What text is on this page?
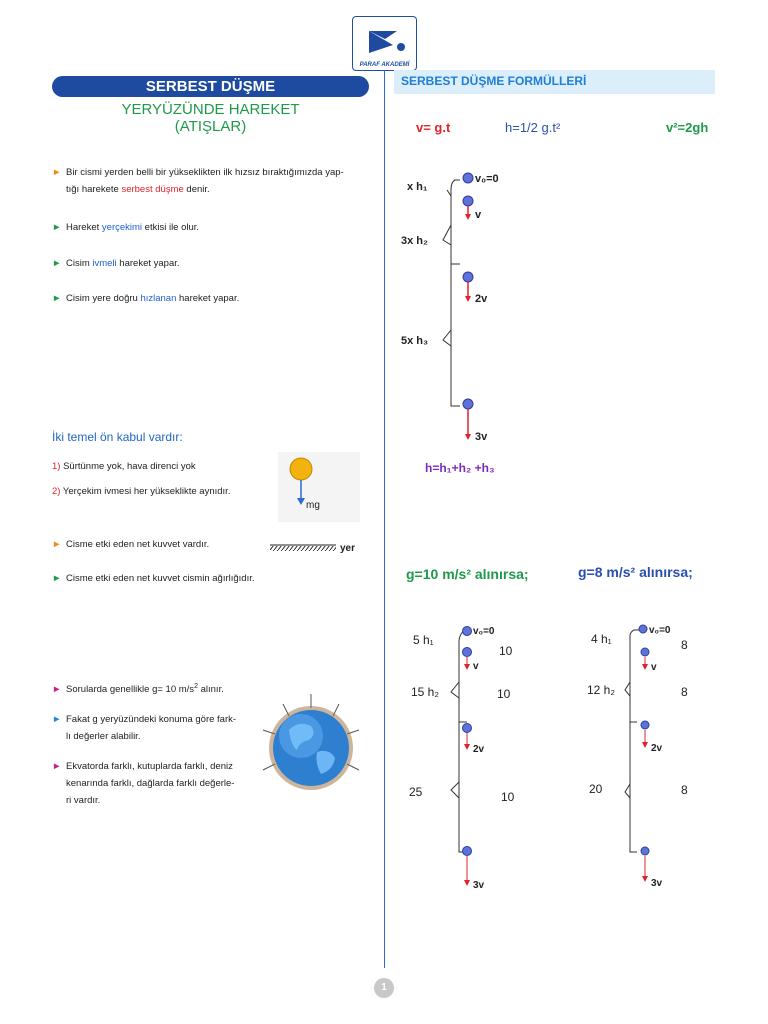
PARAF AKADEMİ
SERBEST DÜŞME
YERYÜZÜNDE HAREKET
(ATIŞLAR)
► Bir cismi yerden belli bir yükseklikten ilk hızsız bıraktığımızda yap-
tığı harekete serbest düşme denir.
► Hareket yerçekimi etkisi ile olur.
► Cisim ivmeli hareket yapar.
► Cisim yere doğru hızlanan hareket yapar.
İki temel ön kabul vardır:
1) Sürtünme yok, hava direnci yok
2) Yerçekim ivmesi her yükseklikte aynıdır.
mg
► Cisme etki eden net kuvvet vardır.	yer
► Cisme etki eden net kuvvet cismin ağırlığıdır.
► Sorularda genellikle g= 10 $m/s^2$ alınır.
► Fakat g yeryüzündeki konuma göre fark-
lı değerler alabilir.
► Ekvatorda farklı, kutuplarda farklı, deniz
kenarında farklı, dağlarda farklı değerle-
ri vardır.
SERBEST DÜŞME FORMÜLLERİ
v= g.t	h=1/2 g.t²	v²=2gh
v₀=0
v
2v
3v
x h₁
3x h₂
5x h₃
h=h₁+h₂ +h₃
g=10 m/s² alınırsa;
v₀=0
v
2v
3v
5 h₁
15 h₂
25
10
10
10
g=8 m/s² alınırsa;
v₀=0
v
2v
3v
4 h₁
12 h₂
20
8
8
8
1
